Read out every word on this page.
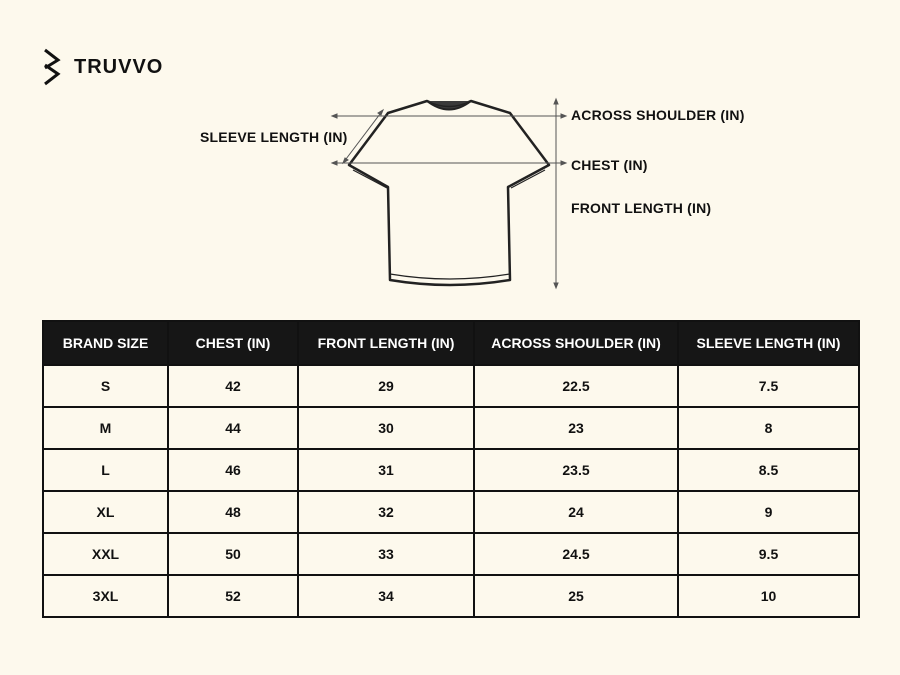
TRUVVO
SLEEVE LENGTH (IN)
ACROSS SHOULDER (IN)
CHEST (IN)
FRONT LENGTH (IN)
BRAND SIZE	CHEST (IN)	FRONT LENGTH (IN)	ACROSS SHOULDER (IN)	SLEEVE LENGTH (IN)
S	42	29	22.5	7.5
M	44	30	23	8
L	46	31	23.5	8.5
XL	48	32	24	9
XXL	50	33	24.5	9.5
3XL	52	34	25	10
